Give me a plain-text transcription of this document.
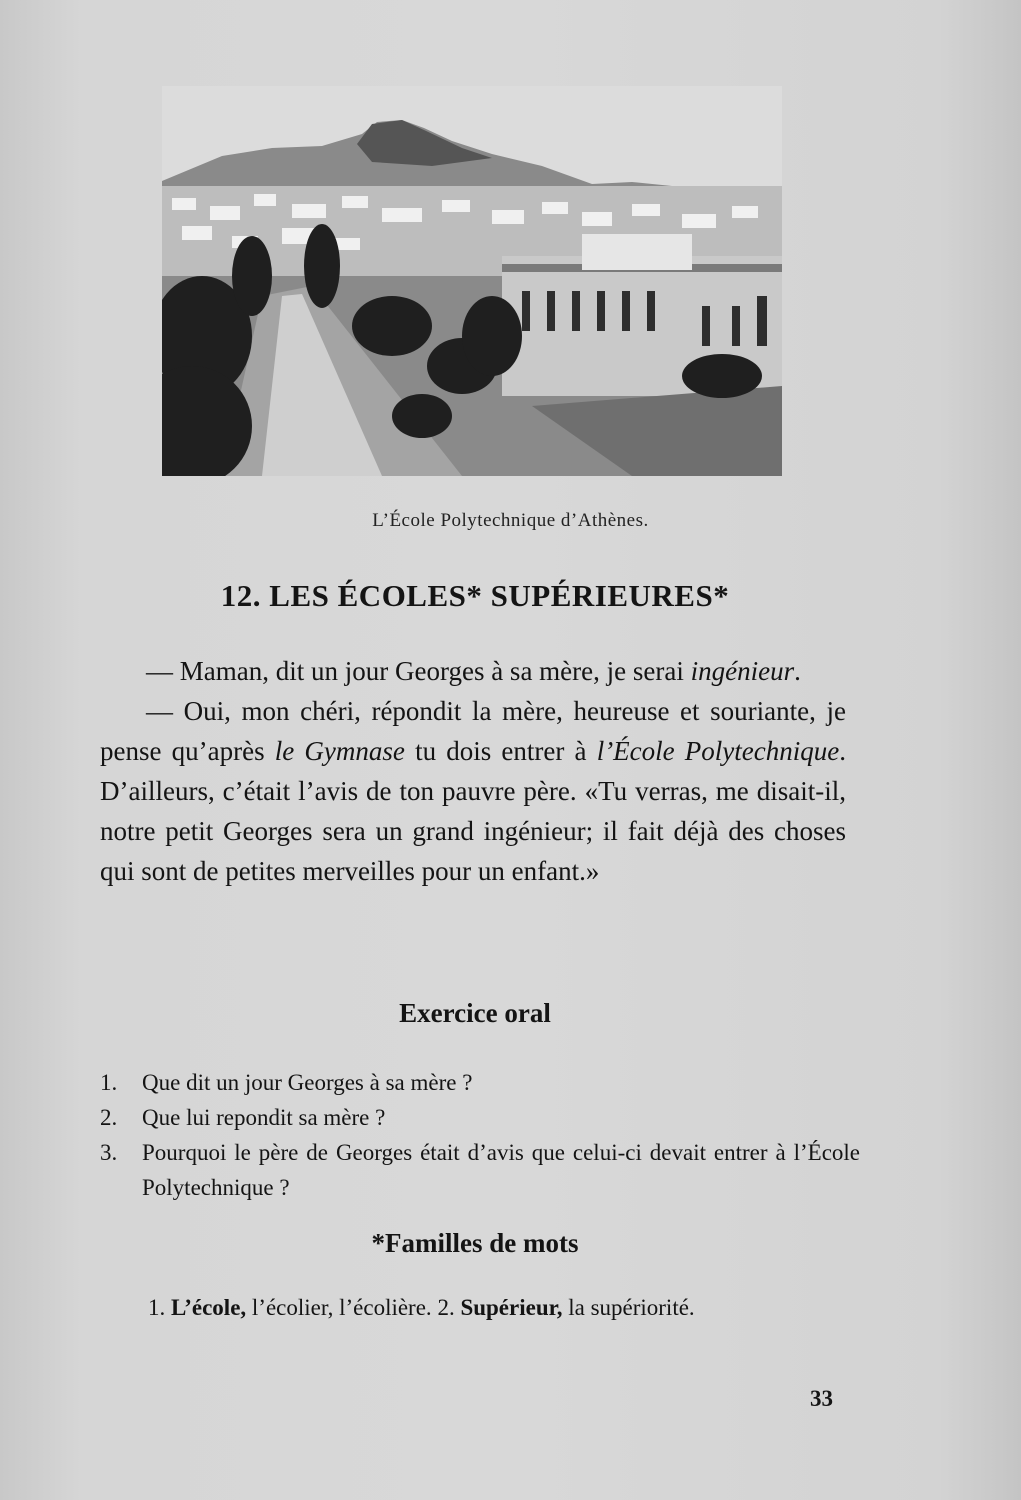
L’École Polytechnique d’Athènes.
12. LES ÉCOLES* SUPÉRIEURES*

— Maman, dit un jour Georges à sa mère, je serai ingénieur.

— Oui, mon chéri, répondit la mère, heureuse et souriante, je pense qu’après le Gymnase tu dois entrer à l’École Polytechnique. D’ailleurs, c’était l’avis de ton pauvre père. «Tu verras, me disait-il, notre petit Georges sera un grand ingénieur; il fait déjà des choses qui sont de petites merveilles pour un enfant.»

Exercice oral
1.	Que dit un jour Georges à sa mère ?
2.	Que lui repondit sa mère ?
3.	Pourquoi le père de Georges était d’avis que celui-ci devait entrer à l’École Polytechnique ?
*Familles de mots

1. L’école, l’écolier, l’écolière. 2. Supérieur, la supériorité.

33
